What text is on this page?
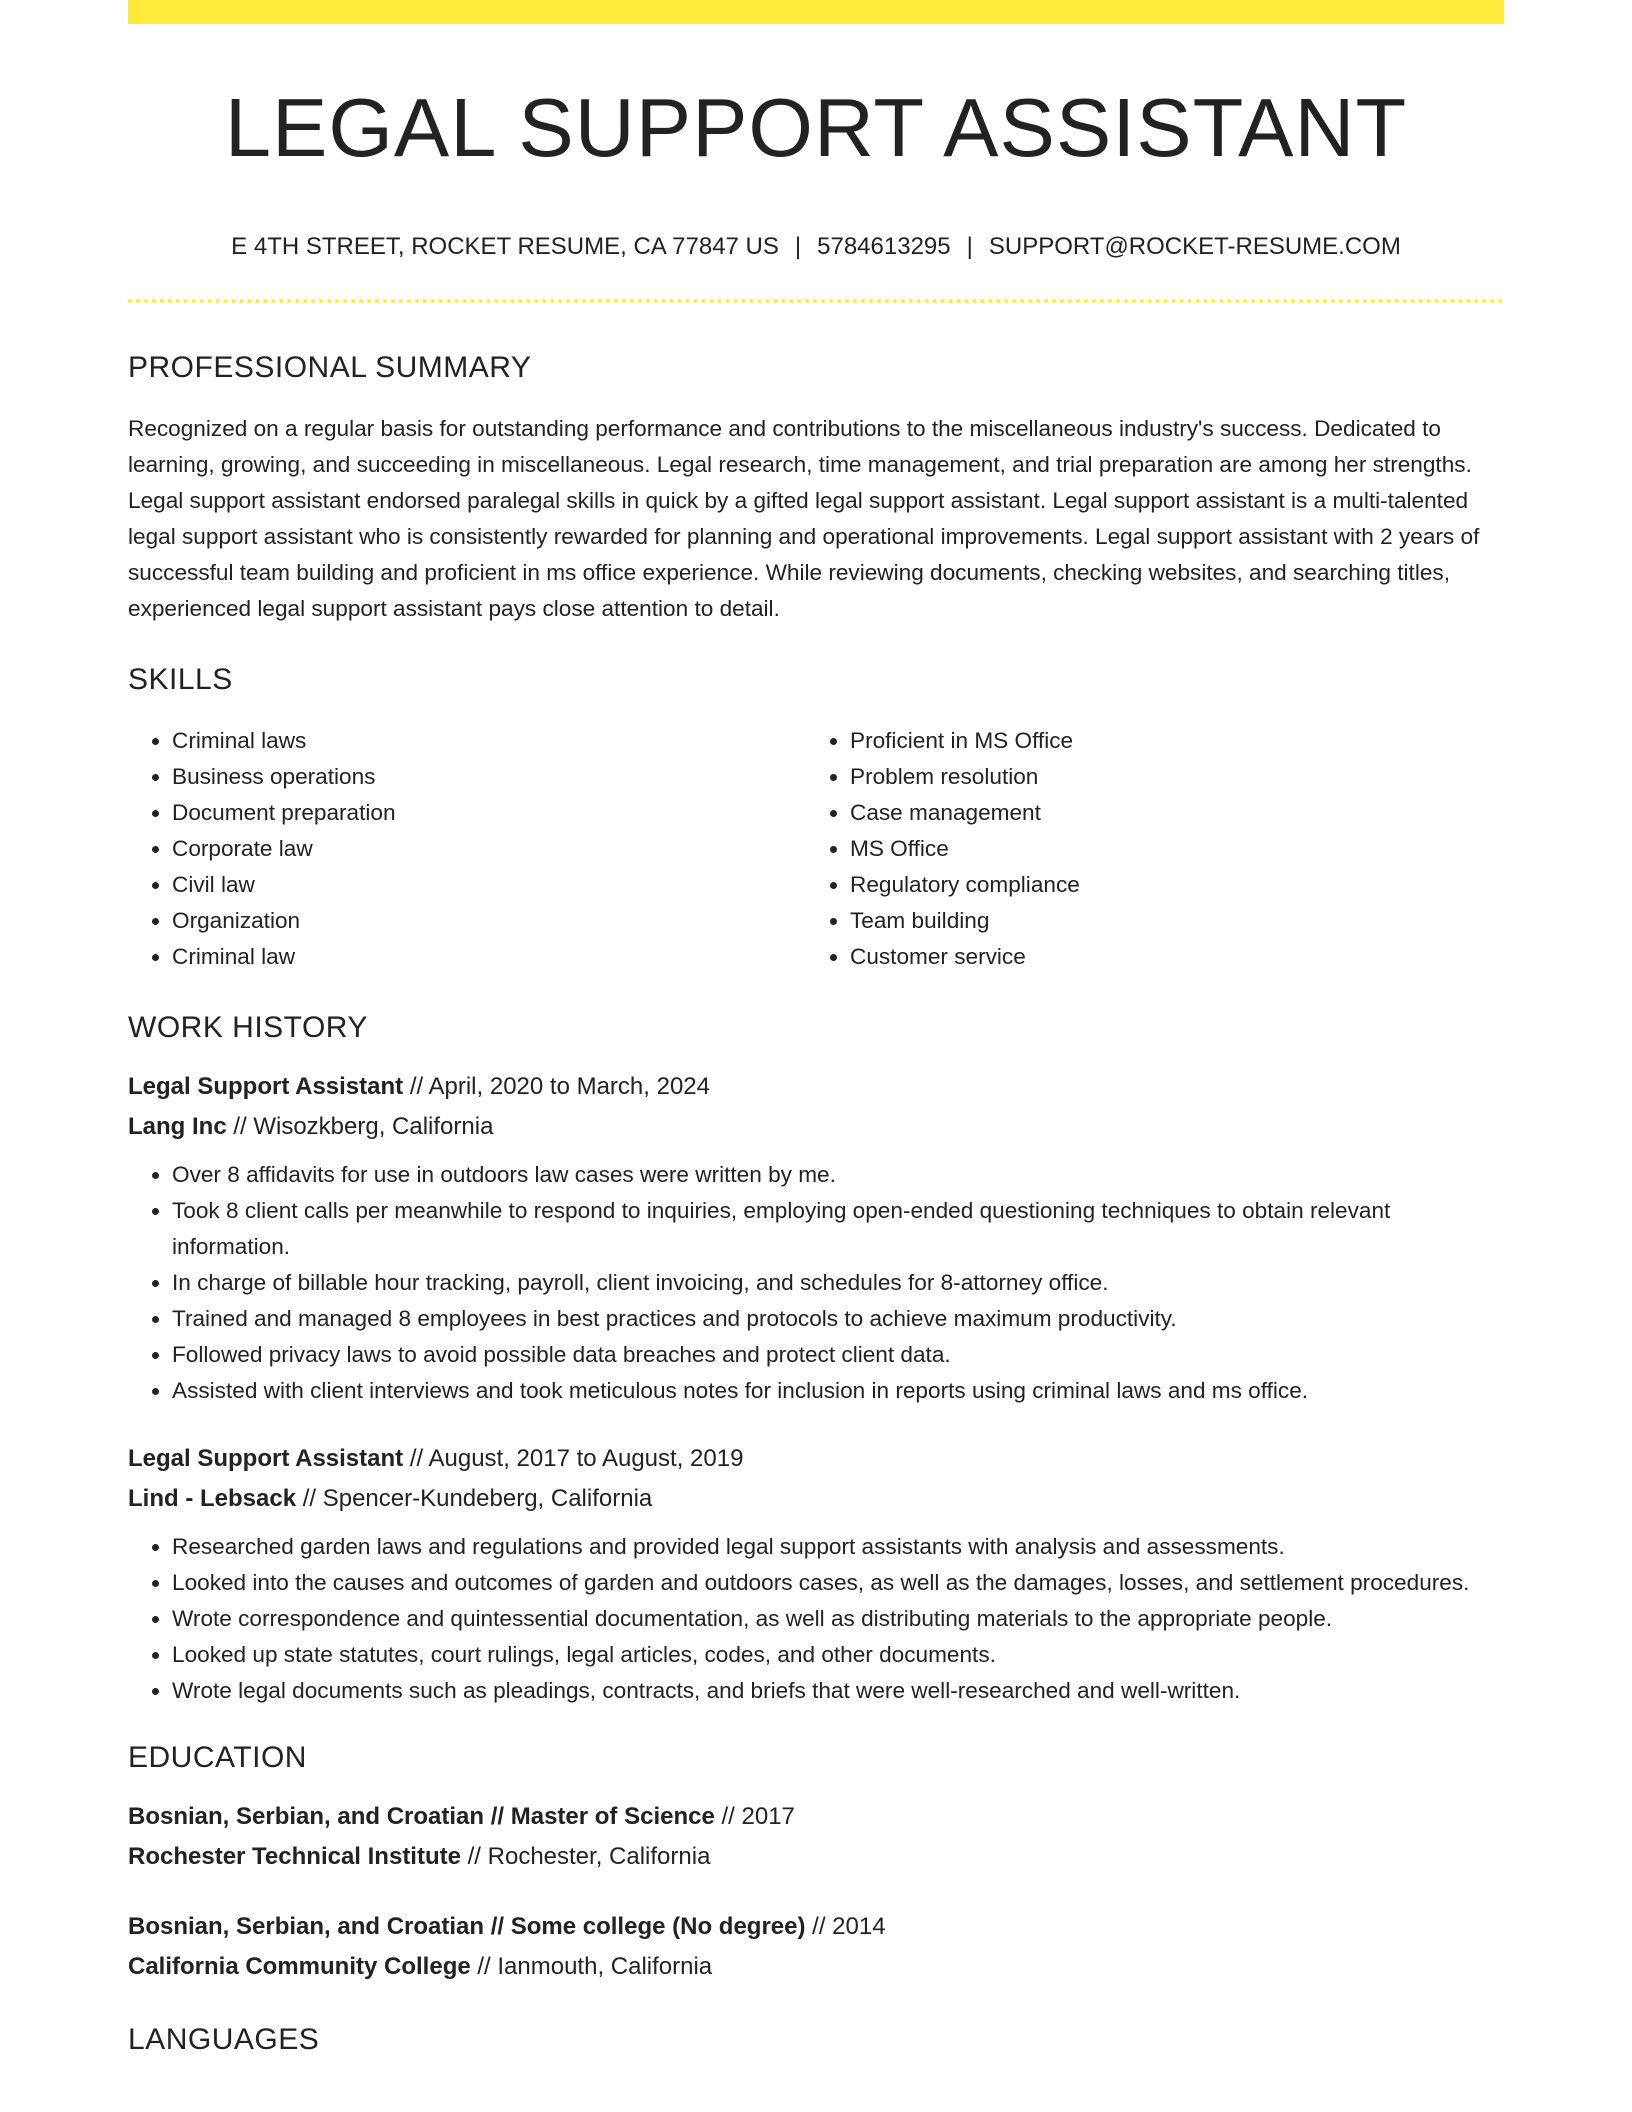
LEGAL SUPPORT ASSISTANT
E 4TH STREET, ROCKET RESUME, CA 77847 US | 5784613295 | SUPPORT@ROCKET-RESUME.COM
PROFESSIONAL SUMMARY
Recognized on a regular basis for outstanding performance and contributions to the miscellaneous industry's success. Dedicated to learning, growing, and succeeding in miscellaneous. Legal research, time management, and trial preparation are among her strengths. Legal support assistant endorsed paralegal skills in quick by a gifted legal support assistant. Legal support assistant is a multi-talented legal support assistant who is consistently rewarded for planning and operational improvements. Legal support assistant with 2 years of successful team building and proficient in ms office experience. While reviewing documents, checking websites, and searching titles, experienced legal support assistant pays close attention to detail.
SKILLS
• Criminal laws
• Business operations
• Document preparation
• Corporate law
• Civil law
• Organization
• Criminal law
• Proficient in MS Office
• Problem resolution
• Case management
• MS Office
• Regulatory compliance
• Team building
• Customer service
WORK HISTORY
Legal Support Assistant // April, 2020 to March, 2024
Lang Inc // Wisozkberg, California
• Over 8 affidavits for use in outdoors law cases were written by me.
• Took 8 client calls per meanwhile to respond to inquiries, employing open-ended questioning techniques to obtain relevant information.
• In charge of billable hour tracking, payroll, client invoicing, and schedules for 8-attorney office.
• Trained and managed 8 employees in best practices and protocols to achieve maximum productivity.
• Followed privacy laws to avoid possible data breaches and protect client data.
• Assisted with client interviews and took meticulous notes for inclusion in reports using criminal laws and ms office.
Legal Support Assistant // August, 2017 to August, 2019
Lind - Lebsack // Spencer-Kundeberg, California
• Researched garden laws and regulations and provided legal support assistants with analysis and assessments.
• Looked into the causes and outcomes of garden and outdoors cases, as well as the damages, losses, and settlement procedures.
• Wrote correspondence and quintessential documentation, as well as distributing materials to the appropriate people.
• Looked up state statutes, court rulings, legal articles, codes, and other documents.
• Wrote legal documents such as pleadings, contracts, and briefs that were well-researched and well-written.
EDUCATION
Bosnian, Serbian, and Croatian // Master of Science // 2017
Rochester Technical Institute // Rochester, California
Bosnian, Serbian, and Croatian // Some college (No degree) // 2014
California Community College // Ianmouth, California
LANGUAGES
